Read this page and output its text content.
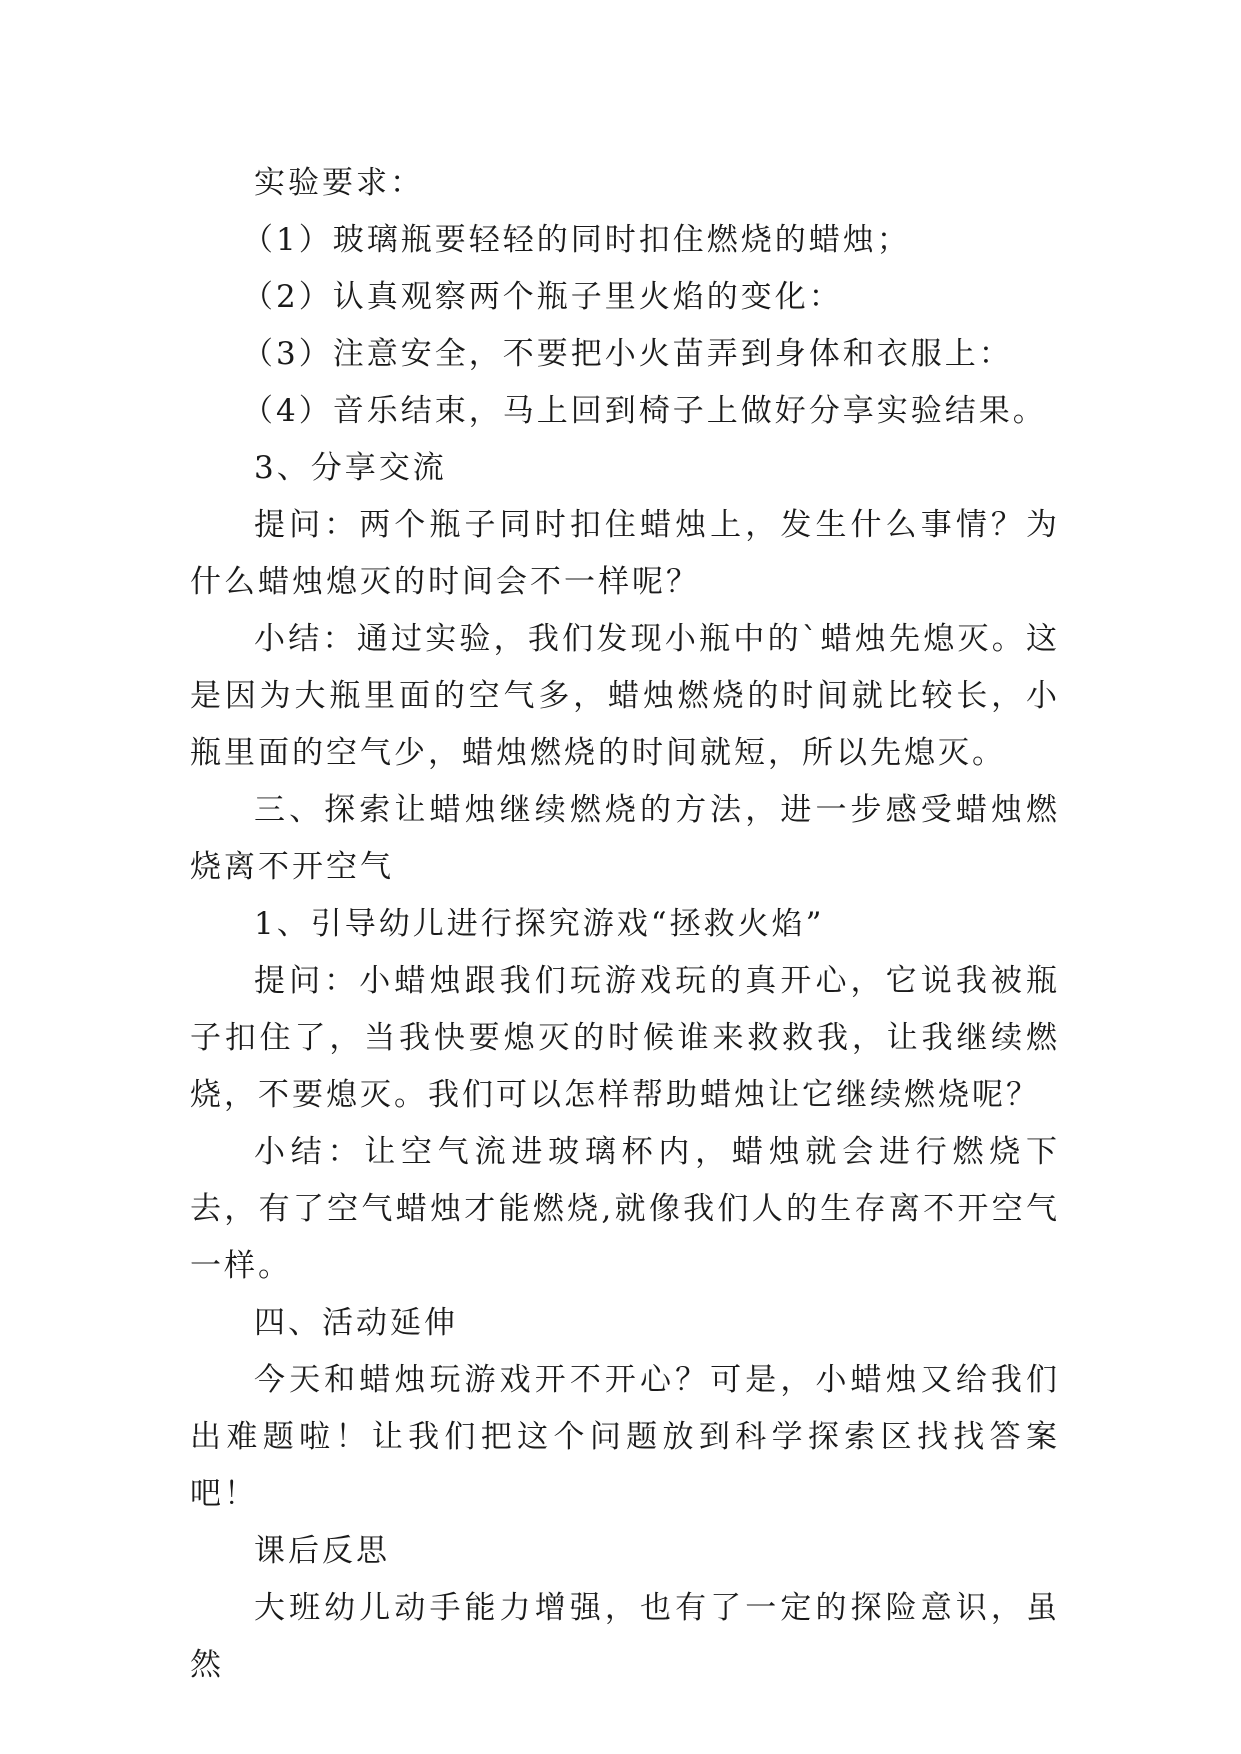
实验要求：

（1）玻璃瓶要轻轻的同时扣住燃烧的蜡烛；

（2）认真观察两个瓶子里火焰的变化：

（3）注意安全，不要把小火苗弄到身体和衣服上：

（4）音乐结束，马上回到椅子上做好分享实验结果。

3、分享交流

提问：两个瓶子同时扣住蜡烛上，发生什么事情？为什么蜡烛熄灭的时间会不一样呢？

小结：通过实验，我们发现小瓶中的`蜡烛先熄灭。这是因为大瓶里面的空气多，蜡烛燃烧的时间就比较长，小瓶里面的空气少，蜡烛燃烧的时间就短，所以先熄灭。

三、探索让蜡烛继续燃烧的方法，进一步感受蜡烛燃烧离不开空气

1、引导幼儿进行探究游戏“拯救火焰”

提问：小蜡烛跟我们玩游戏玩的真开心，它说我被瓶子扣住了，当我快要熄灭的时候谁来救救我，让我继续燃烧，不要熄灭。我们可以怎样帮助蜡烛让它继续燃烧呢？

小结：让空气流进玻璃杯内，蜡烛就会进行燃烧下去，有了空气蜡烛才能燃烧,就像我们人的生存离不开空气一样。

四、活动延伸

今天和蜡烛玩游戏开不开心？可是，小蜡烛又给我们出难题啦！让我们把这个问题放到科学探索区找找答案吧！

课后反思

大班幼儿动手能力增强，也有了一定的探险意识，虽然
